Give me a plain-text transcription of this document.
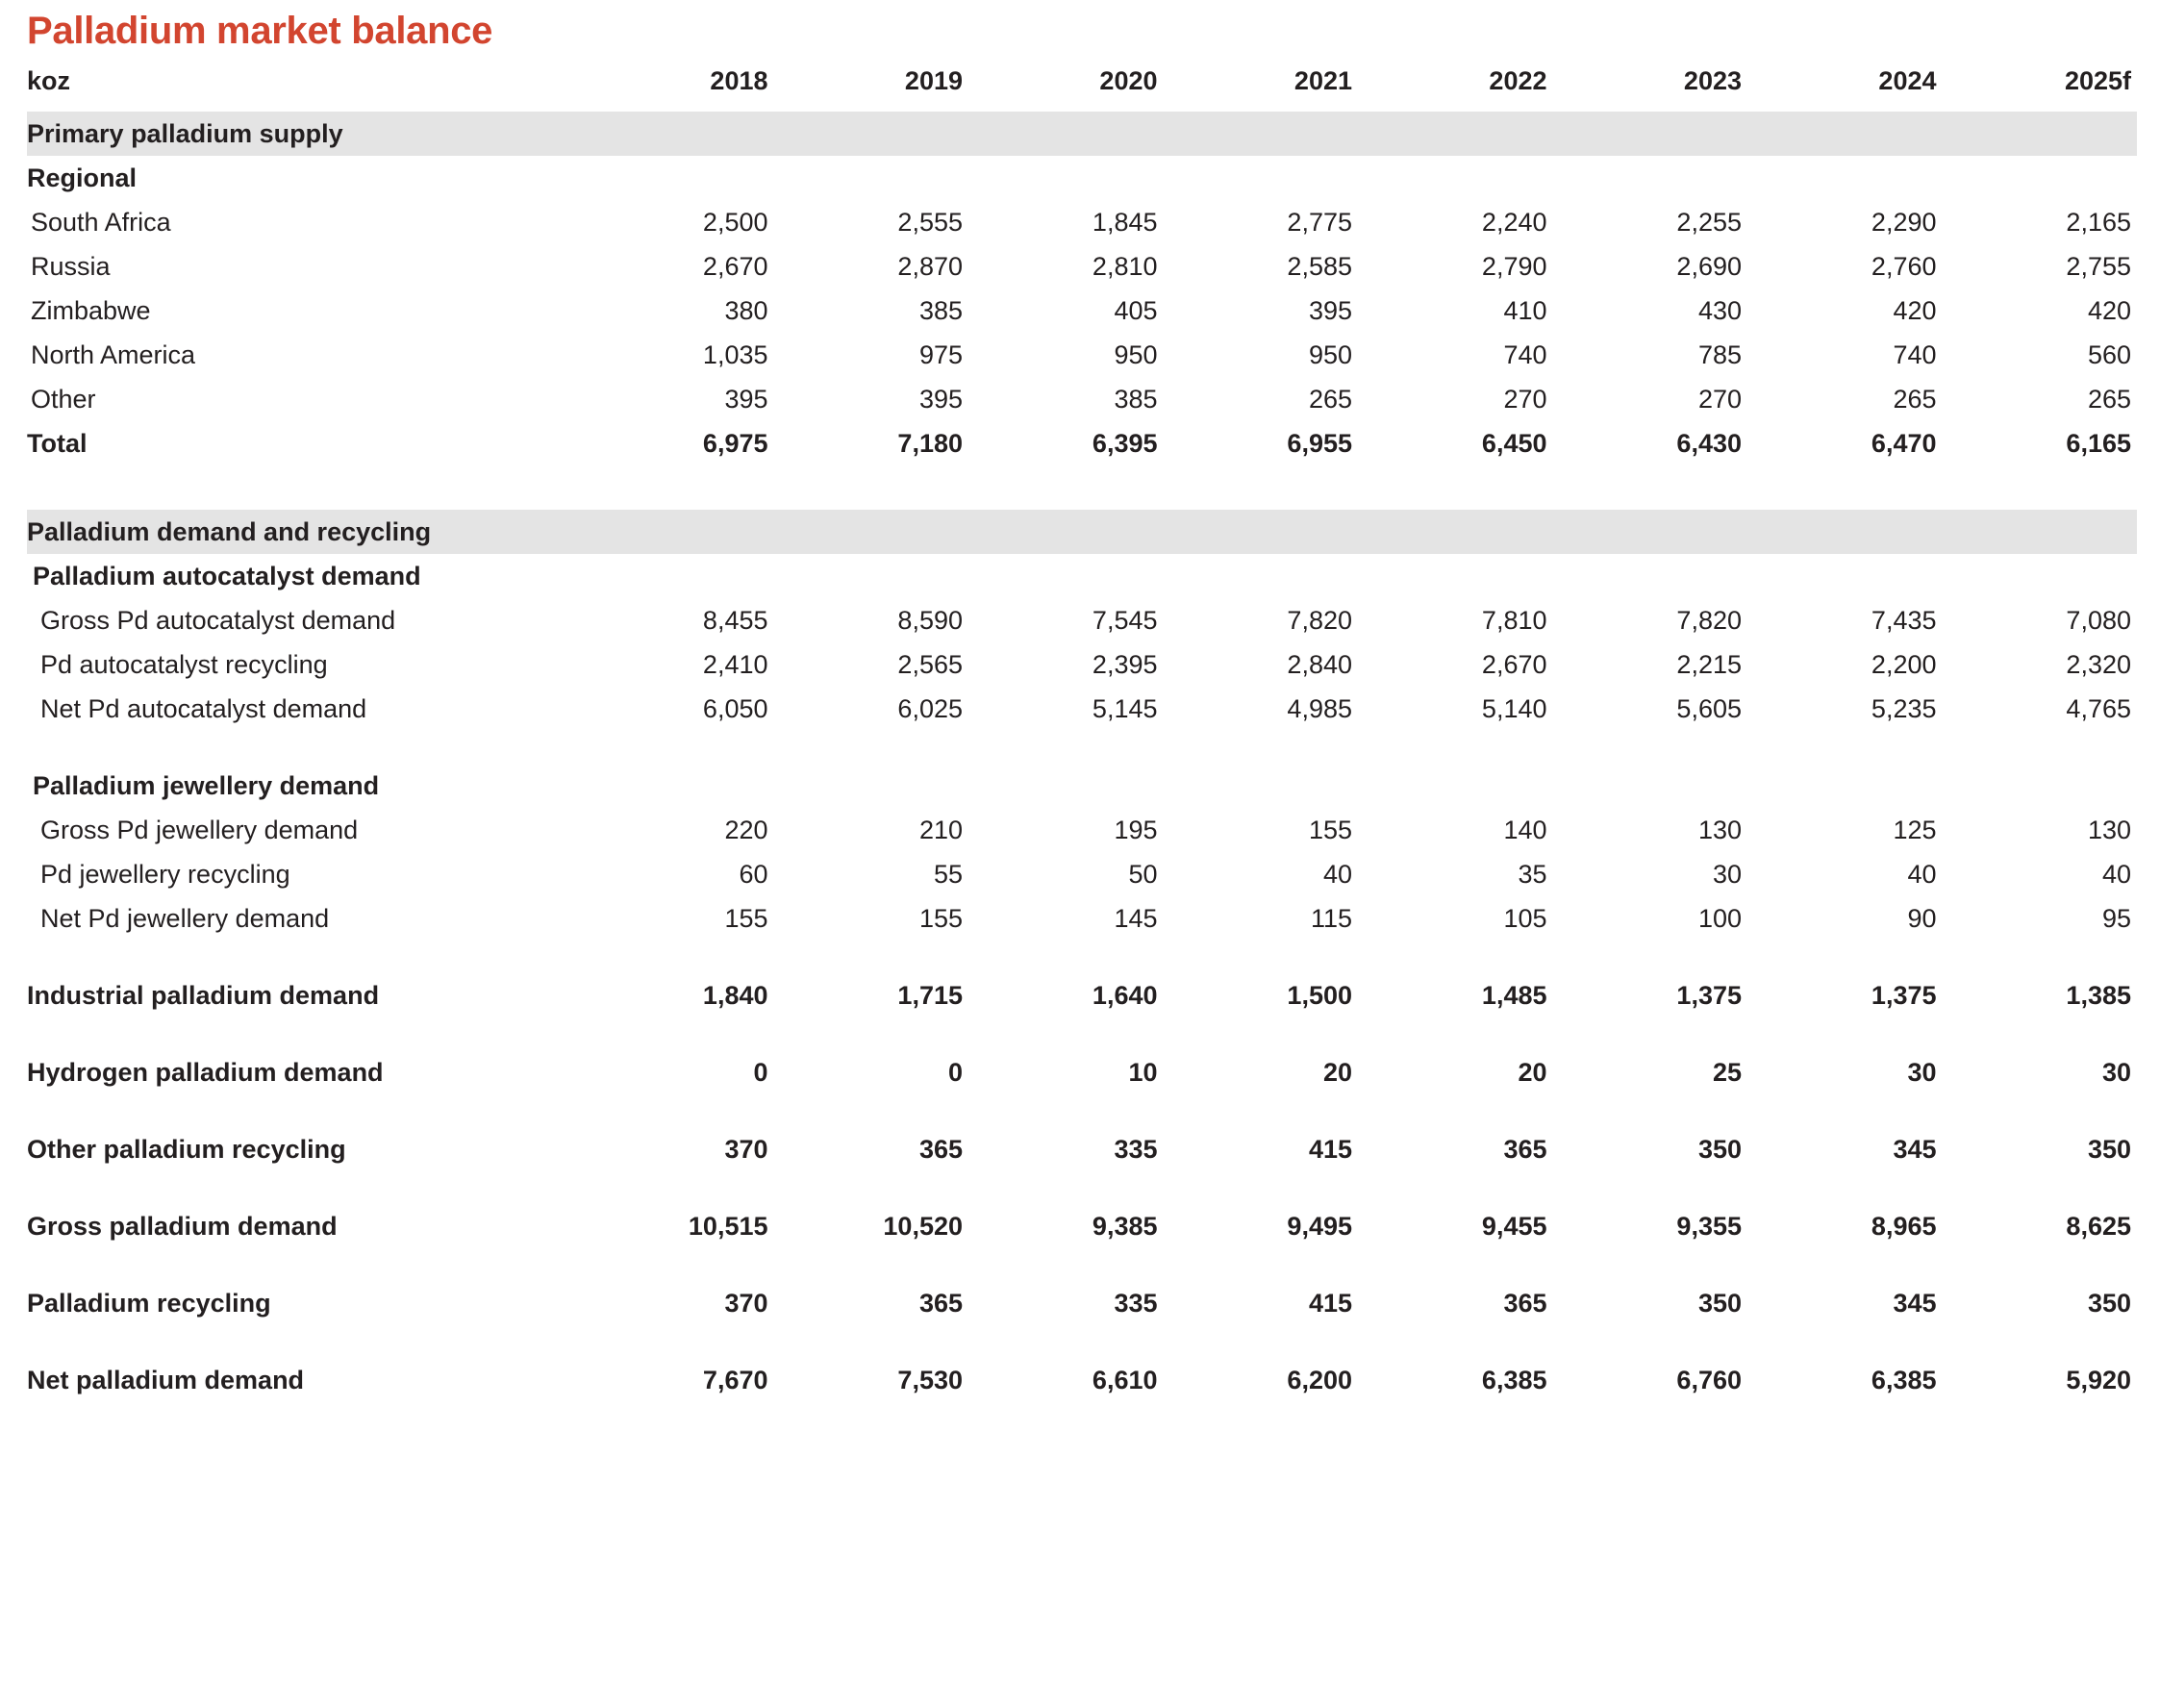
Palladium market balance
koz	2018	2019	2020	2021	2022	2023	2024	2025f
Primary palladium supply								
Regional								
South Africa	2,500	2,555	1,845	2,775	2,240	2,255	2,290	2,165
Russia	2,670	2,870	2,810	2,585	2,790	2,690	2,760	2,755
Zimbabwe	380	385	405	395	410	430	420	420
North America	1,035	975	950	950	740	785	740	560
Other	395	395	385	265	270	270	265	265
Total	6,975	7,180	6,395	6,955	6,450	6,430	6,470	6,165

Palladium demand and recycling								
Palladium autocatalyst demand								
Gross Pd autocatalyst demand	8,455	8,590	7,545	7,820	7,810	7,820	7,435	7,080
Pd autocatalyst recycling	2,410	2,565	2,395	2,840	2,670	2,215	2,200	2,320
Net Pd autocatalyst demand	6,050	6,025	5,145	4,985	5,140	5,605	5,235	4,765

Palladium jewellery demand								
Gross Pd jewellery demand	220	210	195	155	140	130	125	130
Pd jewellery recycling	60	55	50	40	35	30	40	40
Net Pd jewellery demand	155	155	145	115	105	100	90	95

Industrial palladium demand	1,840	1,715	1,640	1,500	1,485	1,375	1,375	1,385

Hydrogen palladium demand	0	0	10	20	20	25	30	30

Other palladium recycling	370	365	335	415	365	350	345	350

Gross palladium demand	10,515	10,520	9,385	9,495	9,455	9,355	8,965	8,625

Palladium recycling	370	365	335	415	365	350	345	350

Net palladium demand	7,670	7,530	6,610	6,200	6,385	6,760	6,385	5,920
